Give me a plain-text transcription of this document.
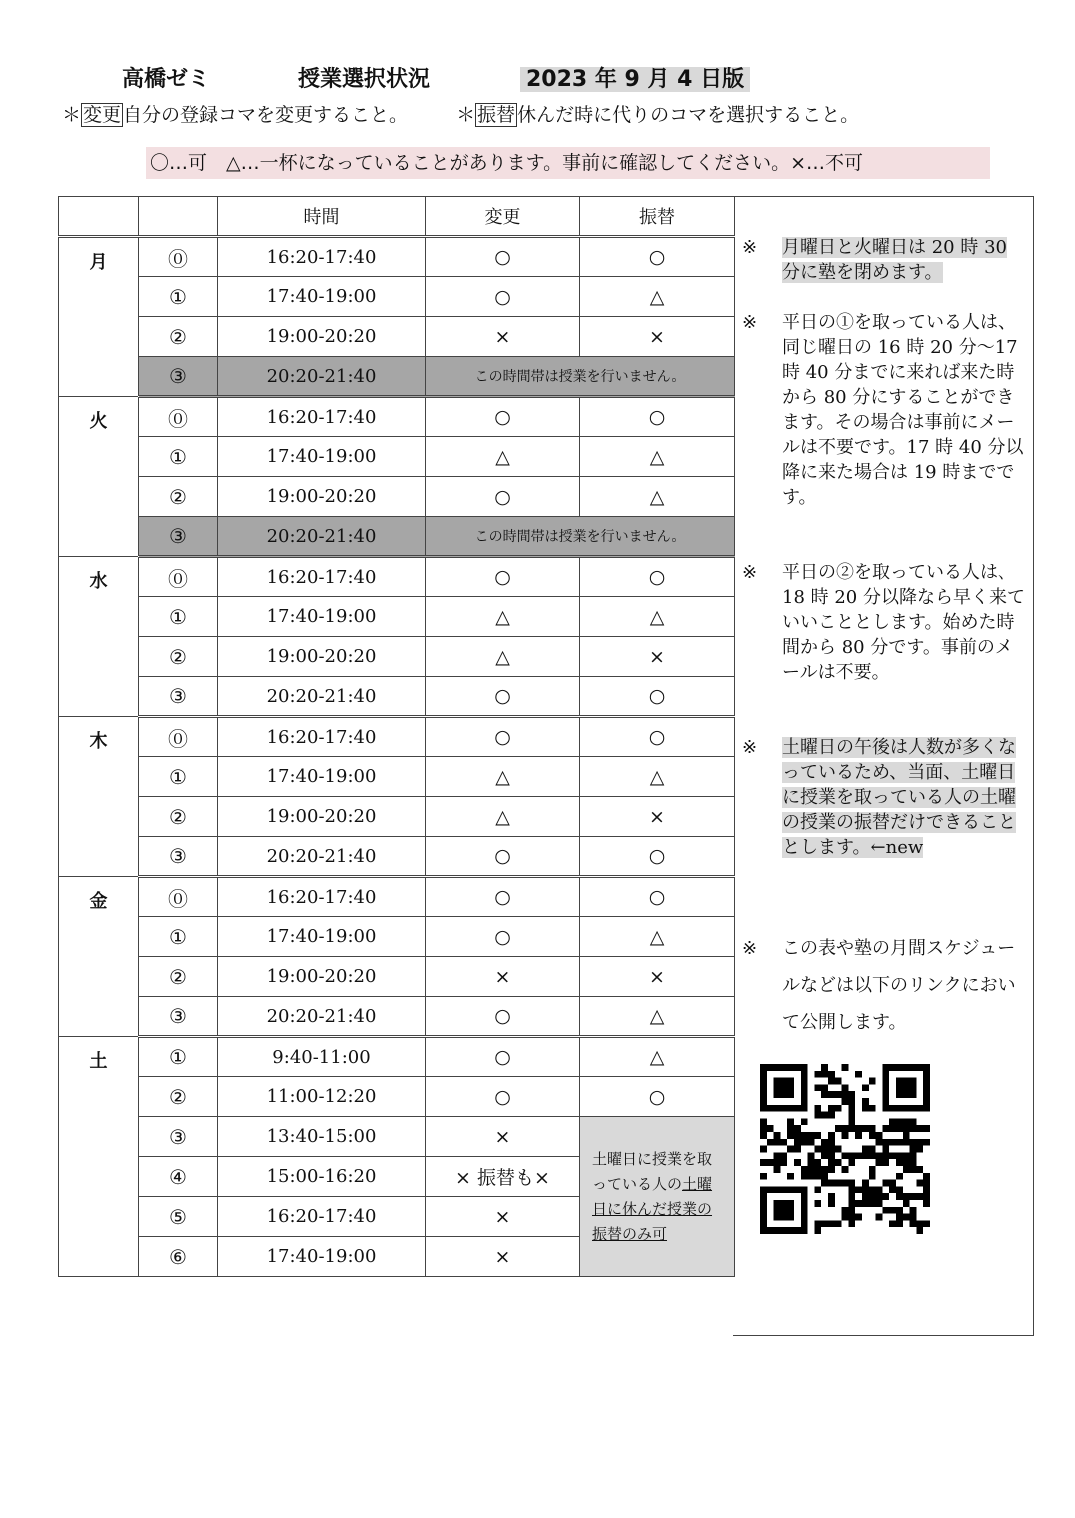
高橋ゼミ	授業選択状況	2023 年 9 月 4 日版
＊ 変更 自分の登録コマを変更すること。	＊ 振替 休んだ時に代りのコマを選択すること。
〇…可　△…一杯になっていることがあります。事前に確認してください。×…不可
		時間	変更	振替
月	⓪	16:20-17:40	○	○
	①	17:40-19:00	○	△
	②	19:00-20:20	×	×
	③	20:20-21:40	この時間帯は授業を行いません。	
火	⓪	16:20-17:40	○	○
	①	17:40-19:00	△	△
	②	19:00-20:20	○	△
	③	20:20-21:40	この時間帯は授業を行いません。	
水	⓪	16:20-17:40	○	○
	①	17:40-19:00	△	△
	②	19:00-20:20	△	×
	③	20:20-21:40	○	○
木	⓪	16:20-17:40	○	○
	①	17:40-19:00	△	△
	②	19:00-20:20	△	×
	③	20:20-21:40	○	○
金	⓪	16:20-17:40	○	○
	①	17:40-19:00	○	△
	②	19:00-20:20	×	×
	③	20:20-21:40	○	△
土	①	9:40-11:00	○	△
	②	11:00-12:20	○	○
	③	13:40-15:00	×	土曜日に授業を取っている人の土曜日に休んだ授業の振替のみ可
	④	15:00-16:20	× 振替も×	
	⑤	16:20-17:40	×	
	⑥	17:40-19:00	×	
※ 月曜日と火曜日は 20 時 30 分に塾を閉めます。
※ 平日の①を取っている人は、同じ曜日の 16 時 20 分～17 時 40 分までに来れば来た時から 80 分にすることができます。その場合は事前にメールは不要です。17 時 40 分以降に来た場合は 19 時までです。
※ 平日の②を取っている人は､18 時 20 分以降なら早く来ていいこととします。始めた時間から 80 分です。事前のメールは不要。
※ 土曜日の午後は人数が多くなっているため、当面、土曜日に授業を取っている人の土曜の授業の振替だけできることとします。←new
※ この表や塾の月間スケジュールなどは以下のリンクにおいて公開します。
